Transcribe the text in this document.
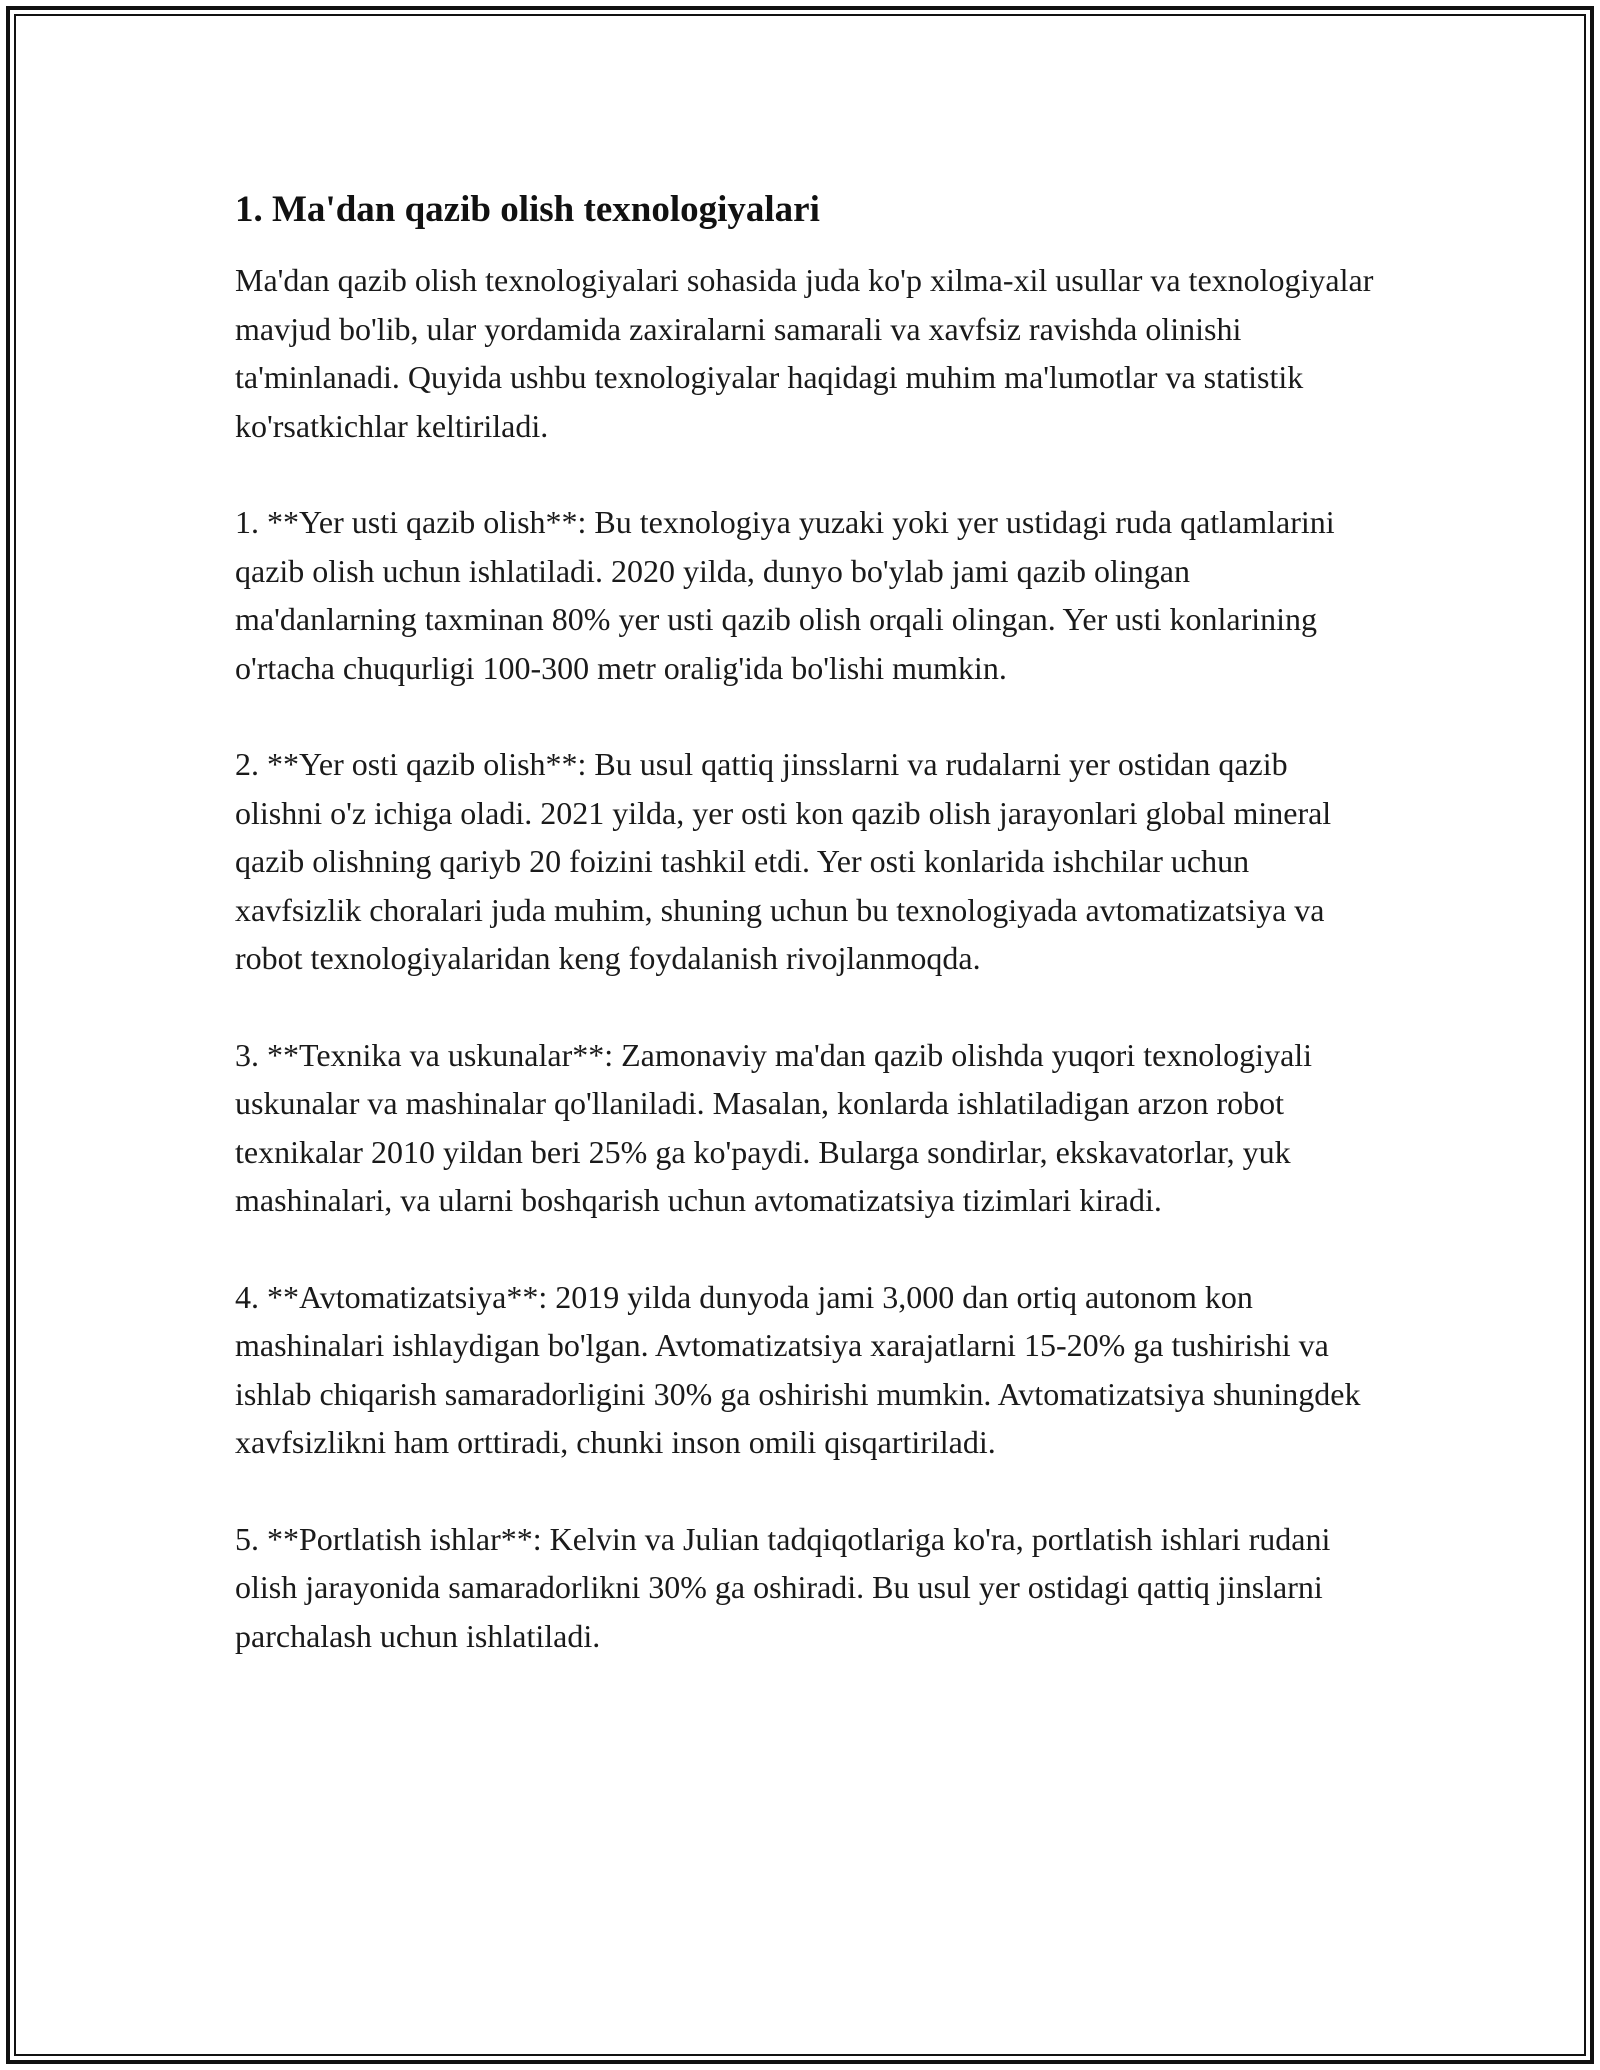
1. Ma'dan qazib olish texnologiyalari

Ma'dan qazib olish texnologiyalari sohasida juda ko'p xilma-xil usullar va texnologiyalar mavjud bo'lib, ular yordamida zaxiralarni samarali va xavfsiz ravishda olinishi ta'minlanadi. Quyida ushbu texnologiyalar haqidagi muhim ma'lumotlar va statistik ko'rsatkichlar keltiriladi.

1. **Yer usti qazib olish**: Bu texnologiya yuzaki yoki yer ustidagi ruda qatlamlarini qazib olish uchun ishlatiladi. 2020 yilda, dunyo bo'ylab jami qazib olingan ma'danlarning taxminan 80% yer usti qazib olish orqali olingan. Yer usti konlarining o'rtacha chuqurligi 100-300 metr oralig'ida bo'lishi mumkin.

2. **Yer osti qazib olish**: Bu usul qattiq jinsslarni va rudalarni yer ostidan qazib olishni o'z ichiga oladi. 2021 yilda, yer osti kon qazib olish jarayonlari global mineral qazib olishning qariyb 20 foizini tashkil etdi. Yer osti konlarida ishchilar uchun xavfsizlik choralari juda muhim, shuning uchun bu texnologiyada avtomatizatsiya va robot texnologiyalaridan keng foydalanish rivojlanmoqda.

3. **Texnika va uskunalar**: Zamonaviy ma'dan qazib olishda yuqori texnologiyali uskunalar va mashinalar qo'llaniladi. Masalan, konlarda ishlatiladigan arzon robot texnikalar 2010 yildan beri 25% ga ko'paydi. Bularga sondirlar, ekskavatorlar, yuk mashinalari, va ularni boshqarish uchun avtomatizatsiya tizimlari kiradi.

4. **Avtomatizatsiya**: 2019 yilda dunyoda jami 3,000 dan ortiq autonom kon mashinalari ishlaydigan bo'lgan. Avtomatizatsiya xarajatlarni 15-20% ga tushirishi va ishlab chiqarish samaradorligini 30% ga oshirishi mumkin. Avtomatizatsiya shuningdek xavfsizlikni ham orttiradi, chunki inson omili qisqartiriladi.

5. **Portlatish ishlar**: Kelvin va Julian tadqiqotlariga ko'ra, portlatish ishlari rudani olish jarayonida samaradorlikni 30% ga oshiradi. Bu usul yer ostidagi qattiq jinslarni parchalash uchun ishlatiladi.
